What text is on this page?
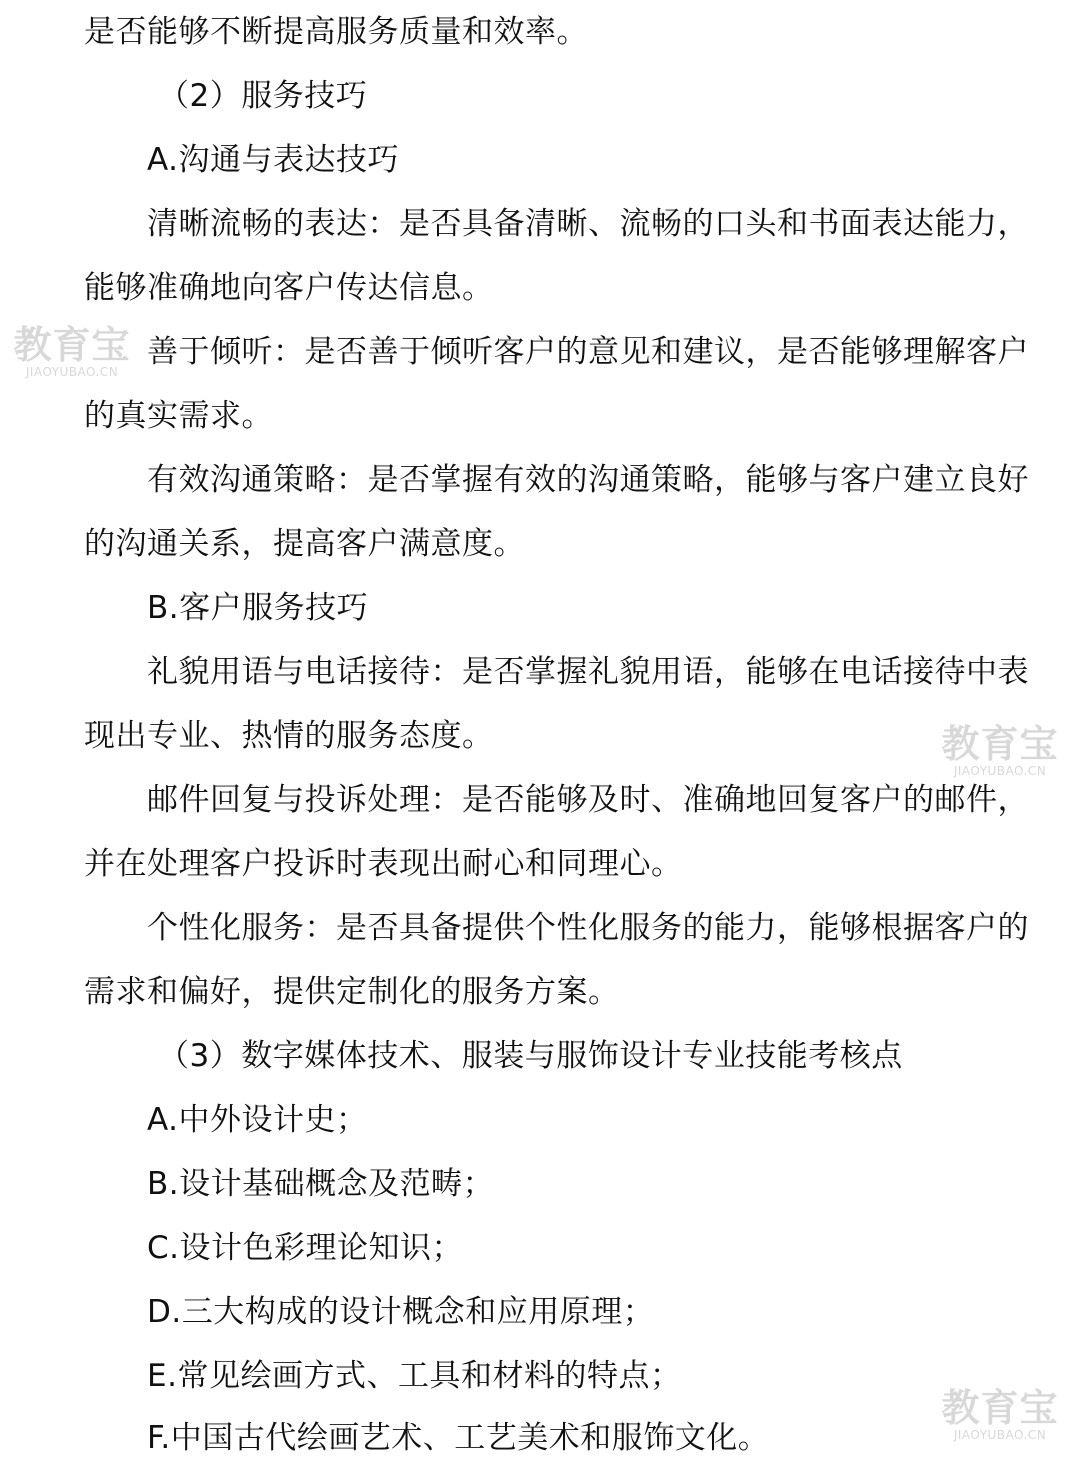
是否能够不断提高服务质量和效率。
（2）服务技巧
A.沟通与表达技巧
清晰流畅的表达：是否具备清晰、流畅的口头和书面表达能力，
能够准确地向客户传达信息。
善于倾听：是否善于倾听客户的意见和建议，是否能够理解客户
的真实需求。
有效沟通策略：是否掌握有效的沟通策略，能够与客户建立良好
的沟通关系，提高客户满意度。
B.客户服务技巧
礼貌用语与电话接待：是否掌握礼貌用语，能够在电话接待中表
现出专业、热情的服务态度。
邮件回复与投诉处理：是否能够及时、准确地回复客户的邮件，
并在处理客户投诉时表现出耐心和同理心。
个性化服务：是否具备提供个性化服务的能力，能够根据客户的
需求和偏好，提供定制化的服务方案。
（3）数字媒体技术、服装与服饰设计专业技能考核点
A.中外设计史；
B.设计基础概念及范畴；
C.设计色彩理论知识；
D.三大构成的设计概念和应用原理；
E.常见绘画方式、工具和材料的特点；
F.中国古代绘画艺术、工艺美术和服饰文化。
教育宝
JIAOYUBAO.CN
教育宝
JIAOYUBAO.CN
教育宝
JIAOYUBAO.CN
